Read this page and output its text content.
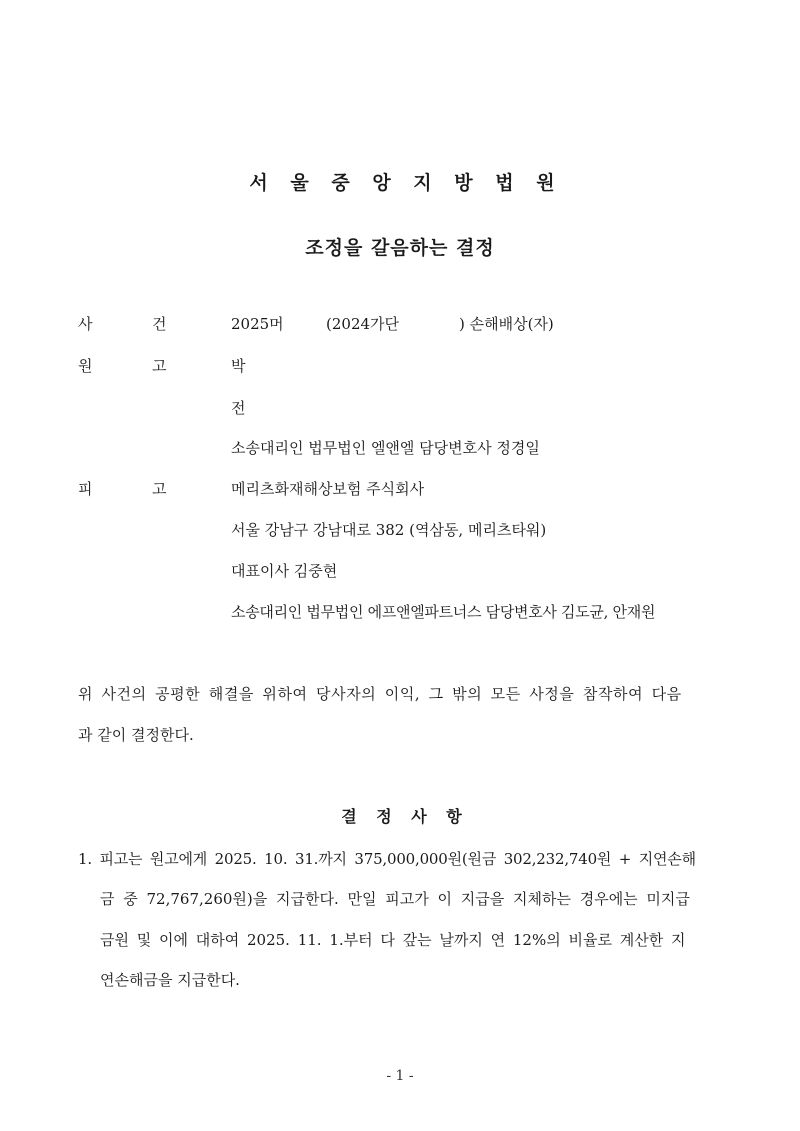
서 울 중 앙 지 방 법 원
조정을 갈음하는 결정
사	건	2025머	(2024가단	) 손해배상(자)
원	고	박
전
소송대리인 법무법인 엘앤엘 담당변호사 정경일
피	고	메리츠화재해상보험 주식회사
서울 강남구 강남대로 382 (역삼동, 메리츠타워)
대표이사 김중현
소송대리인 법무법인 에프앤엘파트너스 담당변호사 김도균, 안재원
위 사건의 공평한 해결을 위하여 당사자의 이익, 그 밖의 모든 사정을 참작하여 다음
과 같이 결정한다.
결 정 사 항
1. 피고는 원고에게 2025. 10. 31.까지 375,000,000원(원금 302,232,740원 + 지연손해
금 중 72,767,260원)을 지급한다. 만일 피고가 이 지급을 지체하는 경우에는 미지급
금원 및 이에 대하여 2025. 11. 1.부터 다 갚는 날까지 연 12%의 비율로 계산한 지
연손해금을 지급한다.
- 1 -
